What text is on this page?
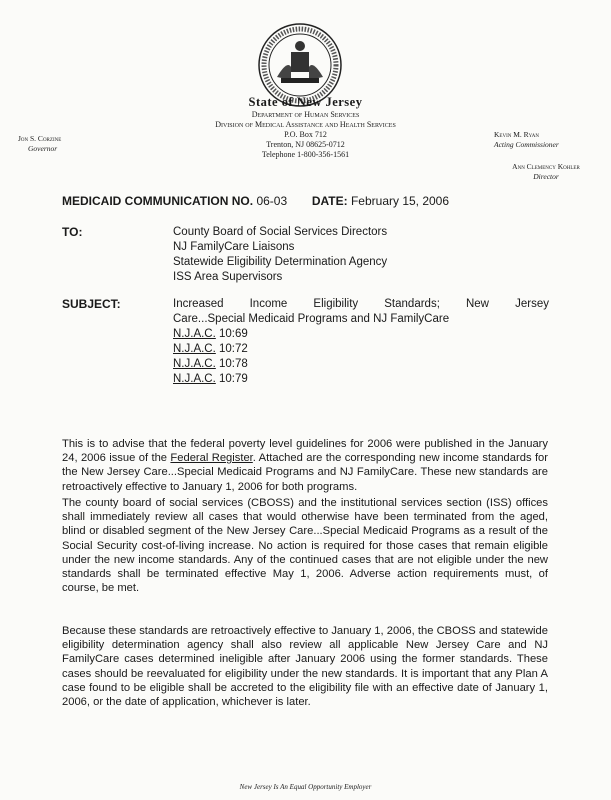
State of New Jersey
Department of Human Services
Division of Medical Assistance and Health Services
P.O. Box 712
Trenton, NJ 08625-0712
Telephone 1-800-356-1561
Jon S. Corzine
Governor
Kevin M. Ryan
Acting Commissioner
Ann Clemency Kohler
Director
MEDICAID COMMUNICATION NO. 06-03 DATE: February 15, 2006
TO:	County Board of Social Services Directors
NJ FamilyCare Liaisons
Statewide Eligibility Determination Agency
ISS Area Supervisors
SUBJECT:	Increased Income Eligibility Standards; New Jersey
Care...Special Medicaid Programs and NJ FamilyCare
N.J.A.C. 10:69
N.J.A.C. 10:72
N.J.A.C. 10:78
N.J.A.C. 10:79
This is to advise that the federal poverty level guidelines for 2006 were published in the January 24, 2006 issue of the Federal Register. Attached are the corresponding new income standards for the New Jersey Care...Special Medicaid Programs and NJ FamilyCare. These new standards are retroactively effective to January 1, 2006 for both programs.
The county board of social services (CBOSS) and the institutional services section (ISS) offices shall immediately review all cases that would otherwise have been terminated from the aged, blind or disabled segment of the New Jersey Care...Special Medicaid Programs as a result of the Social Security cost-of-living increase. No action is required for those cases that remain eligible under the new income standards. Any of the continued cases that are not eligible under the new standards shall be terminated effective May 1, 2006. Adverse action requirements must, of course, be met.
Because these standards are retroactively effective to January 1, 2006, the CBOSS and statewide eligibility determination agency shall also review all applicable New Jersey Care and NJ FamilyCare cases determined ineligible after January 2006 using the former standards. These cases should be reevaluated for eligibility under the new standards. It is important that any Plan A case found to be eligible shall be accreted to the eligibility file with an effective date of January 1, 2006, or the date of application, whichever is later.
New Jersey Is An Equal Opportunity Employer
